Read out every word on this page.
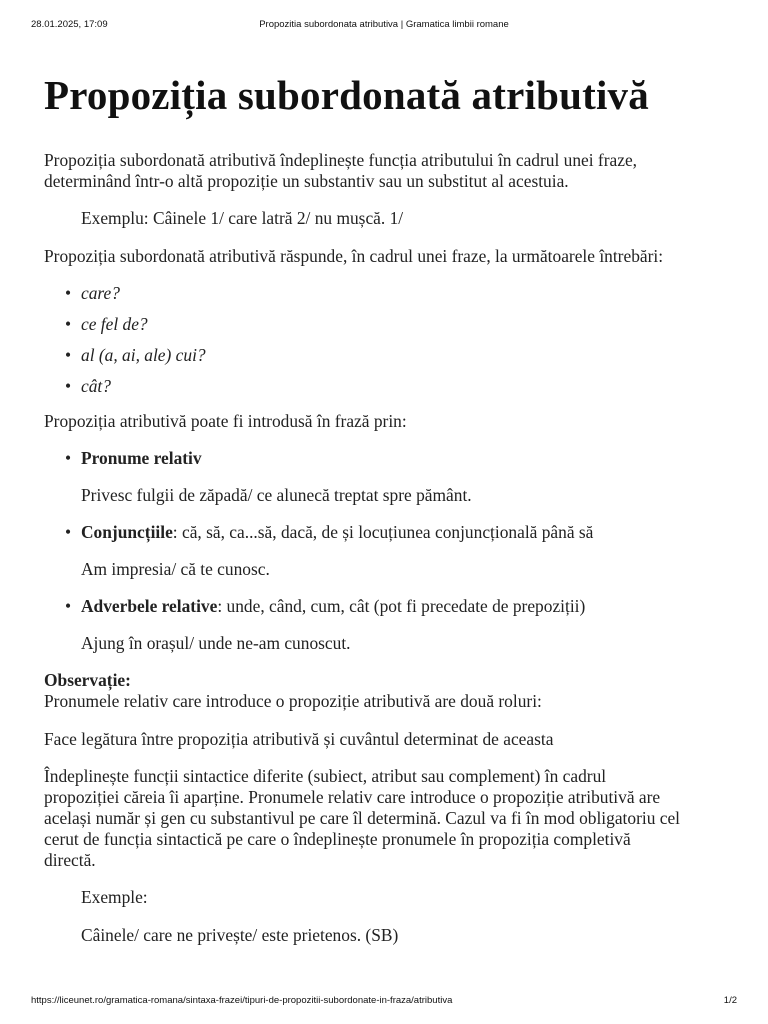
28.01.2025, 17:09	Propozitia subordonata atributiva | Gramatica limbii romane
Propoziția subordonată atributivă
Propoziția subordonată atributivă îndeplinește funcția atributului în cadrul unei fraze,
determinând într-o altă propoziție un substantiv sau un substitut al acestuia.

Exemplu: Câinele 1/ care latră 2/ nu mușcă. 1/

Propoziția subordonată atributivă răspunde, în cadrul unei fraze, la următoarele întrebări:

• care?
• ce fel de?
• al (a, ai, ale) cui?
• cât?

Propoziția atributivă poate fi introdusă în frază prin:

• Pronume relativ

Privesc fulgii de zăpadă/ ce alunecă treptat spre pământ.

• Conjuncțiile: că, să, ca...să, dacă, de și locuțiunea conjuncțională până să

Am impresia/ că te cunosc.

• Adverbele relative: unde, când, cum, cât (pot fi precedate de prepoziții)

Ajung în orașul/ unde ne-am cunoscut.

Observație:
Pronumele relativ care introduce o propoziție atributivă are două roluri:

Face legătura între propoziția atributivă și cuvântul determinat de aceasta

Îndeplinește funcții sintactice diferite (subiect, atribut sau complement) în cadrul
propoziției căreia îi aparține. Pronumele relativ care introduce o propoziție atributivă are
același număr și gen cu substantivul pe care îl determină. Cazul va fi în mod obligatoriu cel
cerut de funcția sintactică pe care o îndeplinește pronumele în propoziția completivă
directă.

Exemple:

Câinele/ care ne privește/ este prietenos. (SB)

https://liceunet.ro/gramatica-romana/sintaxa-frazei/tipuri-de-propozitii-subordonate-in-fraza/atributiva	1/2
